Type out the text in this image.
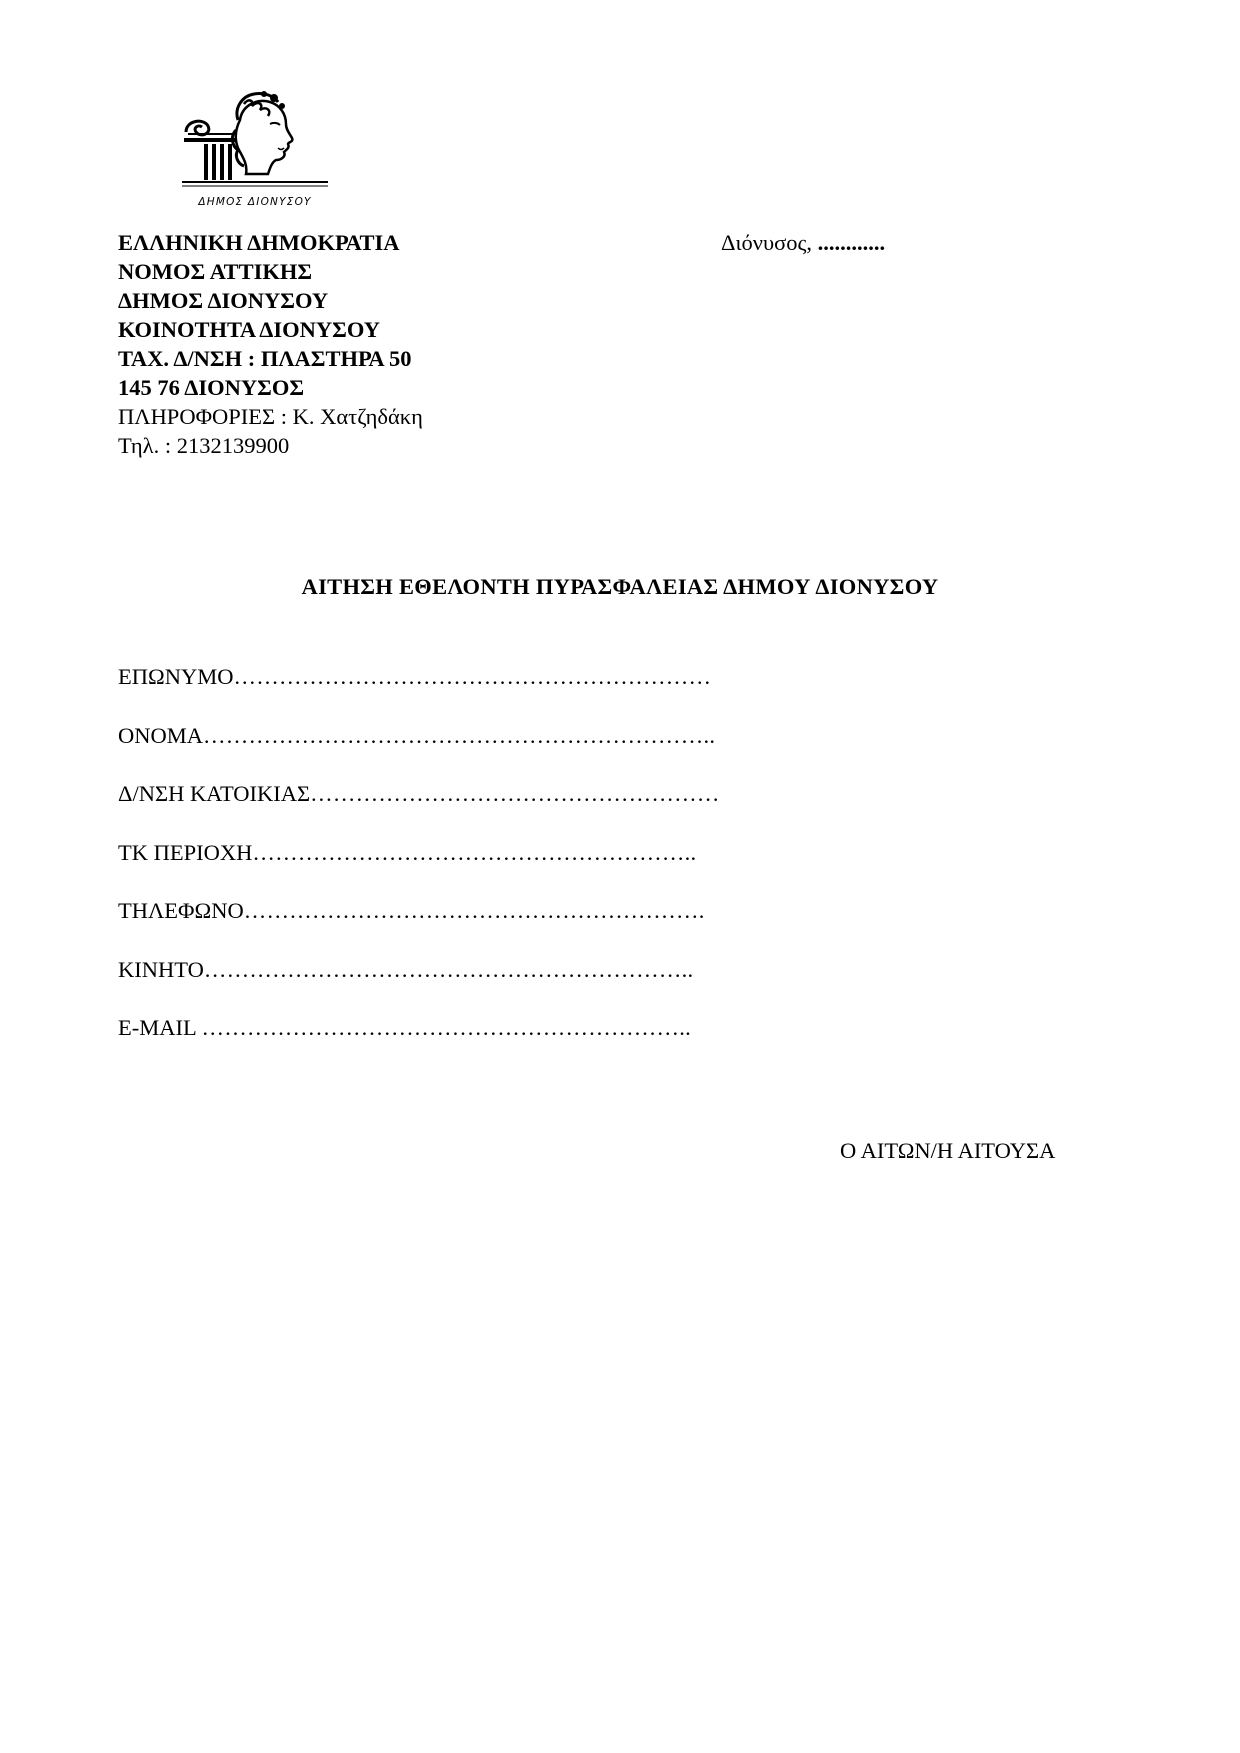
ΔΗΜΟΣ ΔΙΟΝΥΣΟΥ
ΕΛΛΗΝΙΚΗ ΔΗΜΟΚΡΑΤΙΑ
ΝΟΜΟΣ ΑΤΤΙΚΗΣ
ΔΗΜΟΣ ΔΙΟΝΥΣΟΥ
ΚΟΙΝΟΤΗΤΑ ΔΙΟΝΥΣΟΥ
ΤΑΧ. Δ/ΝΣΗ : ΠΛΑΣΤΗΡΑ 50
145 76 ΔΙΟΝΥΣΟΣ
ΠΛΗΡΟΦΟΡΙΕΣ : Κ. Χατζηδάκη
Τηλ. : 2132139900
Διόνυσος, ............
ΑΙΤΗΣΗ ΕΘΕΛΟΝΤΗ ΠΥΡΑΣΦΑΛΕΙΑΣ ΔΗΜΟΥ ΔΙΟΝΥΣΟΥ
ΕΠΩΝΥΜΟ………………………………………………………
ΟΝΟΜΑ…………………………………………………………..
Δ/ΝΣΗ ΚΑΤΟΙΚΙΑΣ………………………………………………
ΤΚ ΠΕΡΙΟΧΗ…………………………………………………..
ΤΗΛΕΦΩΝΟ…………………………………………………….
ΚΙΝΗΤΟ………………………………………………………..
E-MAIL ………………………………………………………..
Ο ΑΙΤΩΝ/Η ΑΙΤΟΥΣΑ
